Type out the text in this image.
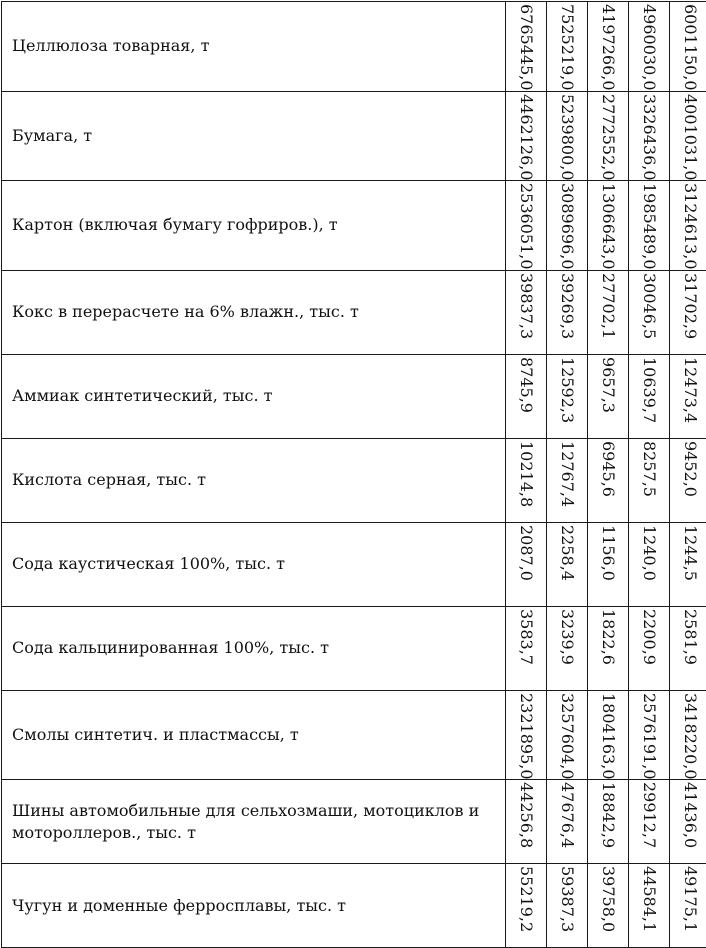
Целлюлоза товарная, т	6765445,0	7525219,0	4197266,0	4960030,0	6001150,0

Бумага, т	4462126,0	5239800,0	2772552,0	3326436,0	4001031,0

Картон (включая бумагу гофриров.), т	2536051,0	3089696,0	1306643,0	1985489,0	3124613,0

Кокс в перерасчете на 6% влажн., тыс. т	39837,3	39269,3	27702,1	30046,5	31702,9

Аммиак синтетический, тыс. т	8745,9	12592,3	9657,3	10639,7	12473,4

Кислота серная, тыс. т	10214,8	12767,4	6945,6	8257,5	9452,0

Сода каустическая 100%, тыс. т	2087,0	2258,4	1156,0	1240,0	1244,5

Сода кальцинированная 100%, тыс. т	3583,7	3239,9	1822,6	2200,9	2581,9

Смолы синтетич. и пластмассы, т	2321895,0	3257604,0	1804163,0	2576191,0	3418220,0

Шины автомобильные для сельхозмаши, мотоциклов и мотороллеров., тыс. т	44256,8	47676,4	18842,9	29912,7	41436,0

Чугун и доменные ферросплавы, тыс. т	55219,2	59387,3	39758,0	44584,1	49175,1
